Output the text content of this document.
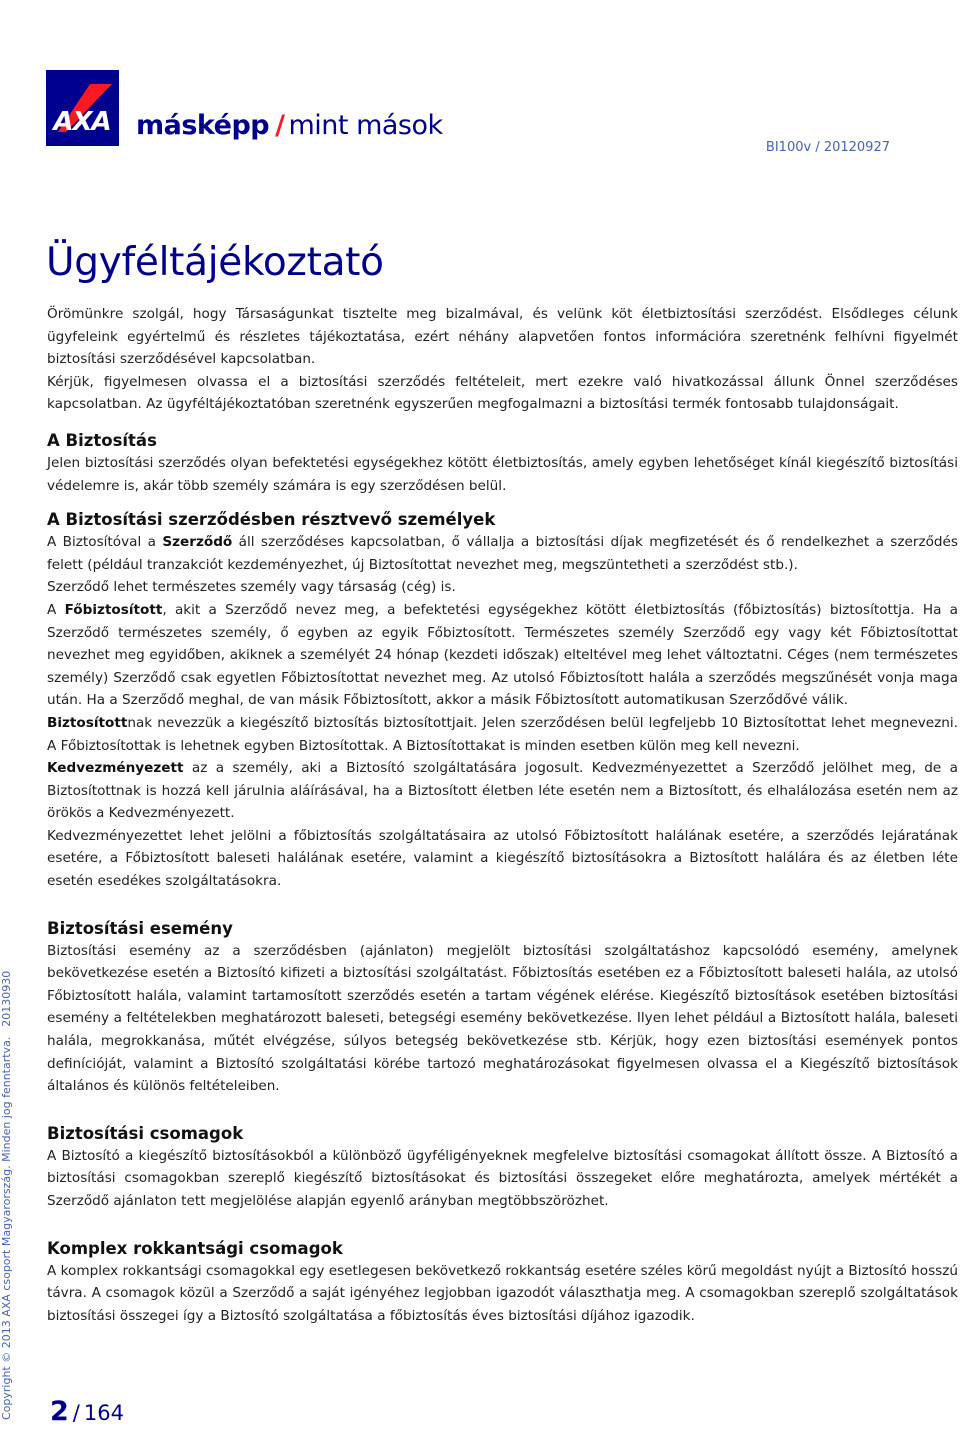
AXA másképp / mint mások
BI100v / 20120927
Ügyféltájékoztató

Örömünkre szolgál, hogy Társaságunkat tisztelte meg bizalmával, és velünk köt életbiztosítási szerződést. Elsődleges célunk ügyfeleink egyértelmű és részletes tájékoztatása, ezért néhány alapvetően fontos információra szeretnénk felhívni figyelmét biztosítási szerződésével kapcsolatban.

Kérjük, figyelmesen olvassa el a biztosítási szerződés feltételeit, mert ezekre való hivatkozással állunk Önnel szerződéses kapcsolatban. Az ügyféltájékoztatóban szeretnénk egyszerűen megfogalmazni a biztosítási termék fontosabb tulajdonságait.

A Biztosítás

Jelen biztosítási szerződés olyan befektetési egységekhez kötött életbiztosítás, amely egyben lehetőséget kínál kiegészítő biztosítási védelemre is, akár több személy számára is egy szerződésen belül.

A Biztosítási szerződésben résztvevő személyek

A Biztosítóval a Szerződő áll szerződéses kapcsolatban, ő vállalja a biztosítási díjak megfizetését és ő rendelkezhet a szerződés felett (például tranzakciót kezdeményezhet, új Biztosítottat nevezhet meg, megszüntetheti a szerződést stb.).

Szerződő lehet természetes személy vagy társaság (cég) is.

A Főbiztosított, akit a Szerződő nevez meg, a befektetési egységekhez kötött életbiztosítás (főbiztosítás) biztosítottja. Ha a Szerződő természetes személy, ő egyben az egyik Főbiztosított. Természetes személy Szerződő egy vagy két Főbiztosítottat nevezhet meg egyidőben, akiknek a személyét 24 hónap (kezdeti időszak) elteltével meg lehet változtatni. Céges (nem természetes személy) Szerződő csak egyetlen Főbiztosítottat nevezhet meg. Az utolsó Főbiztosított halála a szerződés megszűnését vonja maga után. Ha a Szerződő meghal, de van másik Főbiztosított, akkor a másik Főbiztosított automatikusan Szerződővé válik.

Biztosítottnak nevezzük a kiegészítő biztosítás biztosítottjait. Jelen szerződésen belül legfeljebb 10 Biztosítottat lehet megnevezni. A Főbiztosítottak is lehetnek egyben Biztosítottak. A Biztosítottakat is minden esetben külön meg kell nevezni.

Kedvezményezett az a személy, aki a Biztosító szolgáltatására jogosult. Kedvezményezettet a Szerződő jelölhet meg, de a Biztosítottnak is hozzá kell járulnia aláírásával, ha a Biztosított életben léte esetén nem a Biztosított, és elhalálozása esetén nem az örökös a Kedvezményezett.

Kedvezményezettet lehet jelölni a főbiztosítás szolgáltatásaira az utolsó Főbiztosított halálának esetére, a szerződés lejáratának esetére, a Főbiztosított baleseti halálának esetére, valamint a kiegészítő biztosításokra a Biztosított halálára és az életben léte esetén esedékes szolgáltatásokra.

Biztosítási esemény

Biztosítási esemény az a szerződésben (ajánlaton) megjelölt biztosítási szolgáltatáshoz kapcsolódó esemény, amelynek bekövetkezése esetén a Biztosító kifizeti a biztosítási szolgáltatást. Főbiztosítás esetében ez a Főbiztosított baleseti halála, az utolsó Főbiztosított halála, valamint tartamosított szerződés esetén a tartam végének elérése. Kiegészítő biztosítások esetében biztosítási esemény a feltételekben meghatározott baleseti, betegségi esemény bekövetkezése. Ilyen lehet például a Biztosított halála, baleseti halála, megrokkanása, műtét elvégzése, súlyos betegség bekövetkezése stb. Kérjük, hogy ezen biztosítási események pontos definícióját, valamint a Biztosító szolgáltatási körébe tartozó meghatározásokat figyelmesen olvassa el a Kiegészítő biztosítások általános és különös feltételeiben.

Biztosítási csomagok

A Biztosító a kiegészítő biztosításokból a különböző ügyféligényeknek megfelelve biztosítási csomagokat állított össze. A Biztosító a biztosítási csomagokban szereplő kiegészítő biztosításokat és biztosítási összegeket előre meghatározta, amelyek mértékét a Szerződő ajánlaton tett megjelölése alapján egyenlő arányban megtöbbszörözhet.

Komplex rokkantsági csomagok

A komplex rokkantsági csomagokkal egy esetlegesen bekövetkező rokkantság esetére széles körű megoldást nyújt a Biztosító hosszú távra. A csomagok közül a Szerződő a saját igényéhez legjobban igazodót választhatja meg. A csomagokban szereplő szolgáltatások biztosítási összegei így a Biztosító szolgáltatása a főbiztosítás éves biztosítási díjához igazodik.

Copyright © 2013 AXA csoport Magyarország. Minden jog fenntartva.20130930
2 / 164
